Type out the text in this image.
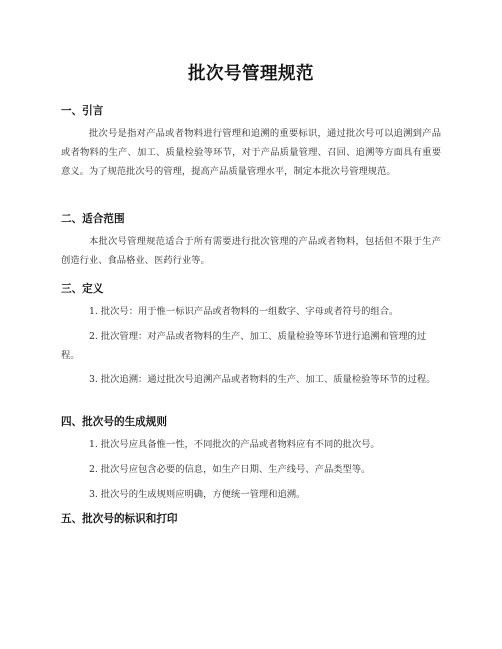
批次号管理规范
一、引言
批次号是指对产品或者物料进行管理和追溯的重要标识，通过批次号可以追溯到产品或者物料的生产、加工、质量检验等环节，对于产品质量管理、召回、追溯等方面具有重要意义。为了规范批次号的管理，提高产品质量管理水平，制定本批次号管理规范。
二、适合范围
本批次号管理规范适合于所有需要进行批次管理的产品或者物料，包括但不限于生产创造行业、食品格业、医药行业等。
三、定义
1. 批次号：用于惟一标识产品或者物料的一组数字、字母或者符号的组合。
2. 批次管理：对产品或者物料的生产、加工、质量检验等环节进行追溯和管理的过程。
3. 批次追溯：通过批次号追溯产品或者物料的生产、加工、质量检验等环节的过程。
四、批次号的生成规则
1. 批次号应具备惟一性，不同批次的产品或者物料应有不同的批次号。
2. 批次号应包含必要的信息，如生产日期、生产线号、产品类型等。
3. 批次号的生成规则应明确，方便统一管理和追溯。
五、批次号的标识和打印
